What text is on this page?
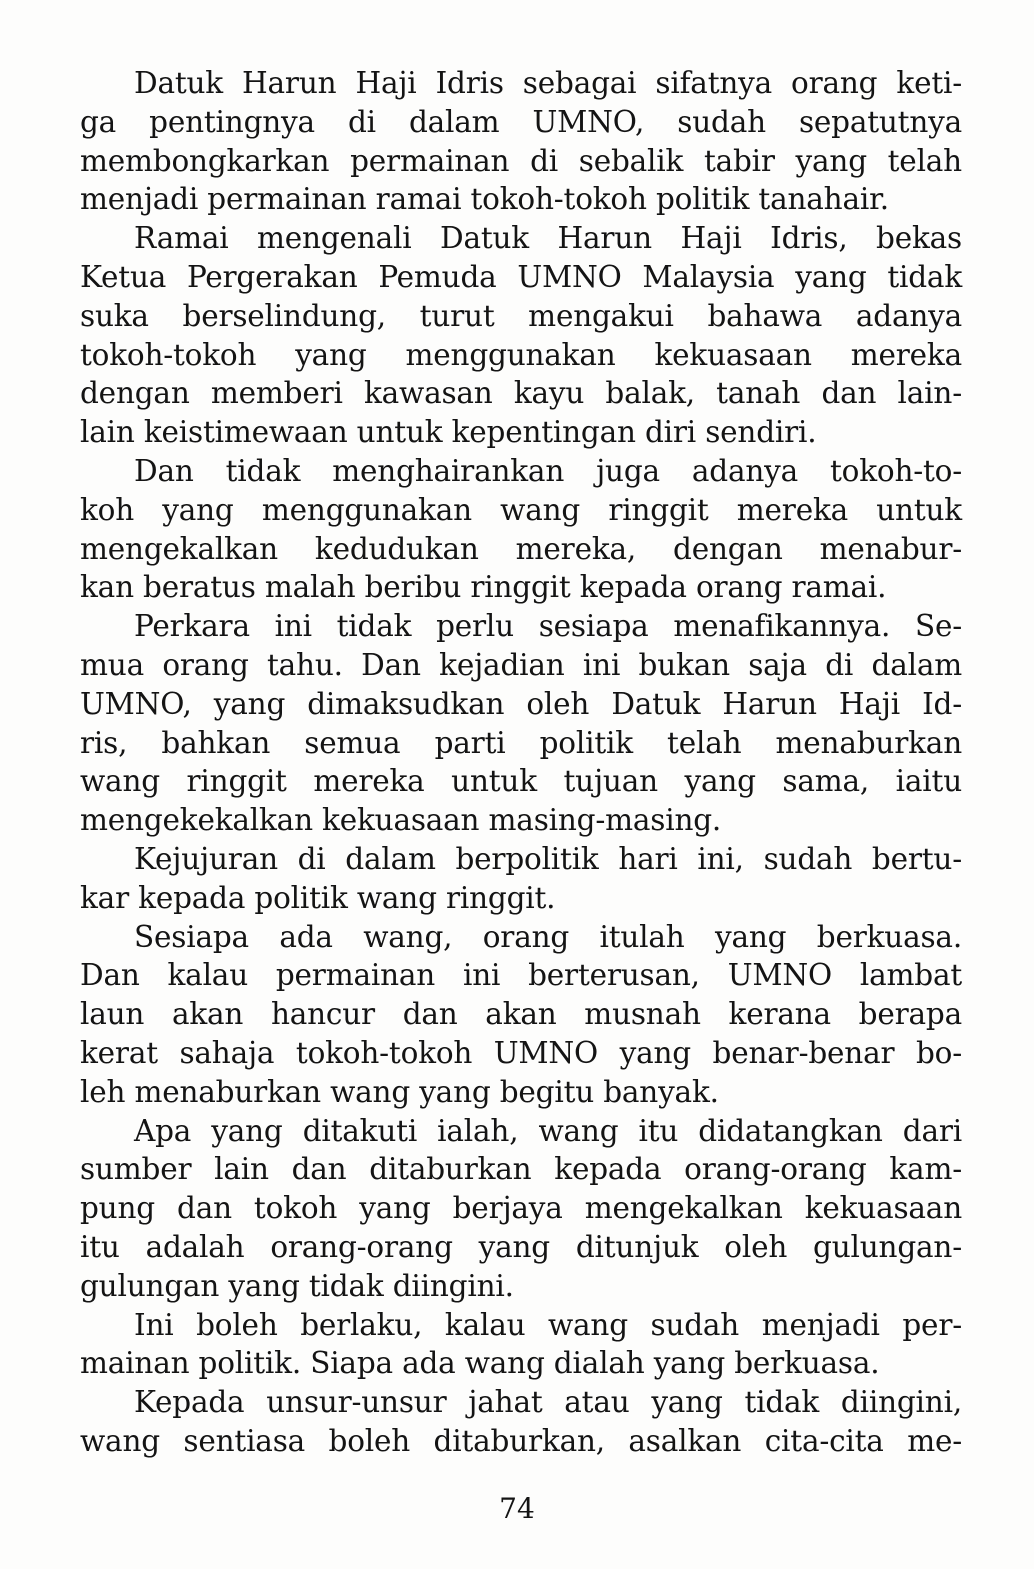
Datuk Harun Haji Idris sebagai sifatnya orang keti-
ga pentingnya di dalam UMNO, sudah sepatutnya
membongkarkan permainan di sebalik tabir yang telah
menjadi permainan ramai tokoh-tokoh politik tanahair.
Ramai mengenali Datuk Harun Haji Idris, bekas
Ketua Pergerakan Pemuda UMNO Malaysia yang tidak
suka berselindung, turut mengakui bahawa adanya
tokoh-tokoh yang menggunakan kekuasaan mereka
dengan memberi kawasan kayu balak, tanah dan lain-
lain keistimewaan untuk kepentingan diri sendiri.
Dan tidak menghairankan juga adanya tokoh-to-
koh yang menggunakan wang ringgit mereka untuk
mengekalkan kedudukan mereka, dengan menabur-
kan beratus malah beribu ringgit kepada orang ramai.
Perkara ini tidak perlu sesiapa menafikannya. Se-
mua orang tahu. Dan kejadian ini bukan saja di dalam
UMNO, yang dimaksudkan oleh Datuk Harun Haji Id-
ris, bahkan semua parti politik telah menaburkan
wang ringgit mereka untuk tujuan yang sama, iaitu
mengekekalkan kekuasaan masing-masing.
Kejujuran di dalam berpolitik hari ini, sudah bertu-
kar kepada politik wang ringgit.
Sesiapa ada wang, orang itulah yang berkuasa.
Dan kalau permainan ini berterusan, UMNO lambat
laun akan hancur dan akan musnah kerana berapa
kerat sahaja tokoh-tokoh UMNO yang benar-benar bo-
leh menaburkan wang yang begitu banyak.
Apa yang ditakuti ialah, wang itu didatangkan dari
sumber lain dan ditaburkan kepada orang-orang kam-
pung dan tokoh yang berjaya mengekalkan kekuasaan
itu adalah orang-orang yang ditunjuk oleh gulungan-
gulungan yang tidak diingini.
Ini boleh berlaku, kalau wang sudah menjadi per-
mainan politik. Siapa ada wang dialah yang berkuasa.
Kepada unsur-unsur jahat atau yang tidak diingini,
wang sentiasa boleh ditaburkan, asalkan cita-cita me-
74
